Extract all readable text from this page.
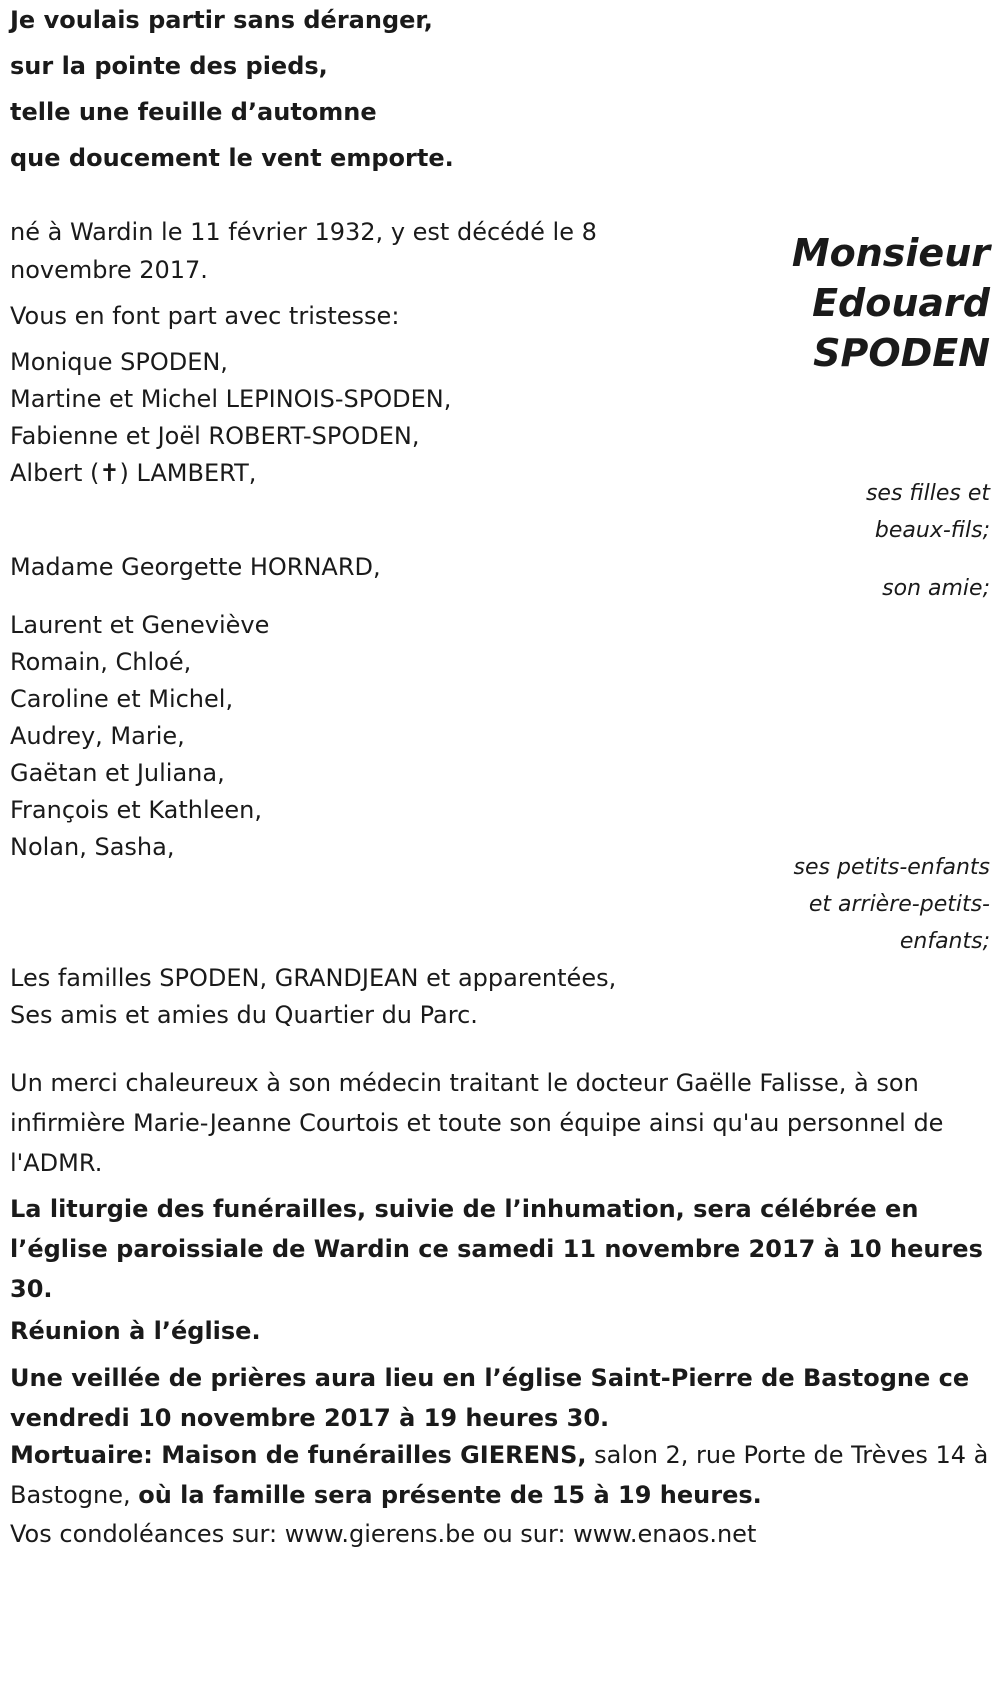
Je voulais partir sans déranger,
sur la pointe des pieds,
telle une feuille d’automne
que doucement le vent emporte.
Monsieur
Edouard
SPODEN
né à Wardin le 11 février 1932, y est décédé le 8
novembre 2017.
Vous en font part avec tristesse:
Monique SPODEN,
Martine et Michel LEPINOIS-SPODEN,
Fabienne et Joël ROBERT-SPODEN,
Albert (✝) LAMBERT,
ses filles et
beaux-fils;
Madame Georgette HORNARD,
son amie;
Laurent et Geneviève
Romain, Chloé,
Caroline et Michel,
Audrey, Marie,
Gaëtan et Juliana,
François et Kathleen,
Nolan, Sasha,
ses petits-enfants
et arrière-petits-
enfants;
Les familles SPODEN, GRANDJEAN et apparentées,
Ses amis et amies du Quartier du Parc.
Un merci chaleureux à son médecin traitant le docteur Gaëlle Falisse, à son infirmière Marie-Jeanne Courtois et toute son équipe ainsi qu'au personnel de l'ADMR.
La liturgie des funérailles, suivie de l’inhumation, sera célébrée en l’église paroissiale de Wardin ce samedi 11 novembre 2017 à 10 heures 30.
Réunion à l’église.
Une veillée de prières aura lieu en l’église Saint-Pierre de Bastogne ce vendredi 10 novembre 2017 à 19 heures 30.
Mortuaire: Maison de funérailles GIERENS, salon 2, rue Porte de Trèves 14 à Bastogne, où la famille sera présente de 15 à 19 heures.
Vos condoléances sur: www.gierens.be ou sur: www.enaos.net
